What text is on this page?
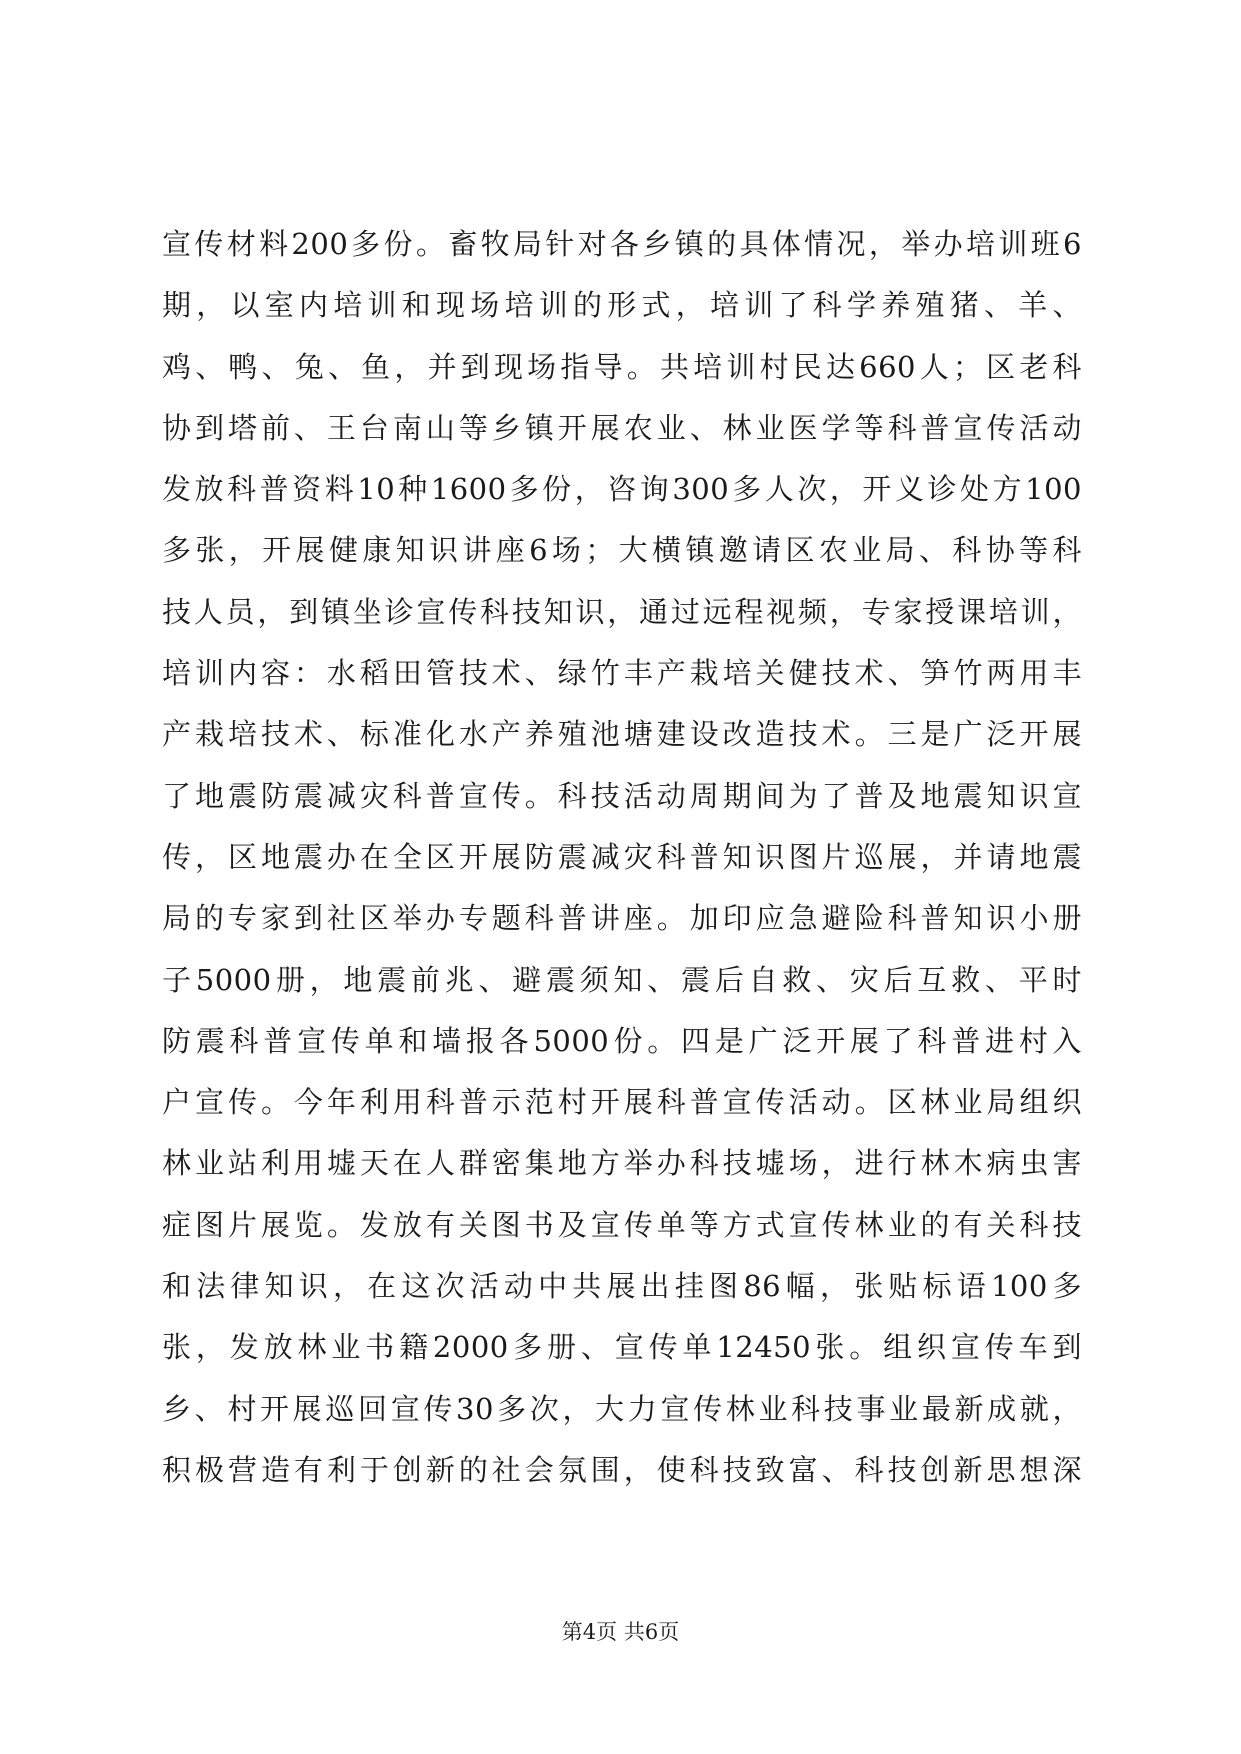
宣传材料200多份。畜牧局针对各乡镇的具体情况，举办培训班6
期，以室内培训和现场培训的形式，培训了科学养殖猪、羊、
鸡、鸭、兔、鱼，并到现场指导。共培训村民达660人；区老科
协到塔前、王台南山等乡镇开展农业、林业医学等科普宣传活动
发放科普资料10种1600多份，咨询300多人次，开义诊处方100
多张，开展健康知识讲座6场；大横镇邀请区农业局、科协等科
技人员，到镇坐诊宣传科技知识，通过远程视频，专家授课培训，
培训内容：水稻田管技术、绿竹丰产栽培关健技术、笋竹两用丰
产栽培技术、标准化水产养殖池塘建设改造技术。三是广泛开展
了地震防震减灾科普宣传。科技活动周期间为了普及地震知识宣
传，区地震办在全区开展防震减灾科普知识图片巡展，并请地震
局的专家到社区举办专题科普讲座。加印应急避险科普知识小册
子5000册，地震前兆、避震须知、震后自救、灾后互救、平时
防震科普宣传单和墙报各5000份。四是广泛开展了科普进村入
户宣传。今年利用科普示范村开展科普宣传活动。区林业局组织
林业站利用墟天在人群密集地方举办科技墟场，进行林木病虫害
症图片展览。发放有关图书及宣传单等方式宣传林业的有关科技
和法律知识，在这次活动中共展出挂图86幅，张贴标语100多
张，发放林业书籍2000多册、宣传单12450张。组织宣传车到
乡、村开展巡回宣传30多次，大力宣传林业科技事业最新成就，
积极营造有利于创新的社会氛围，使科技致富、科技创新思想深
第4页 共6页
